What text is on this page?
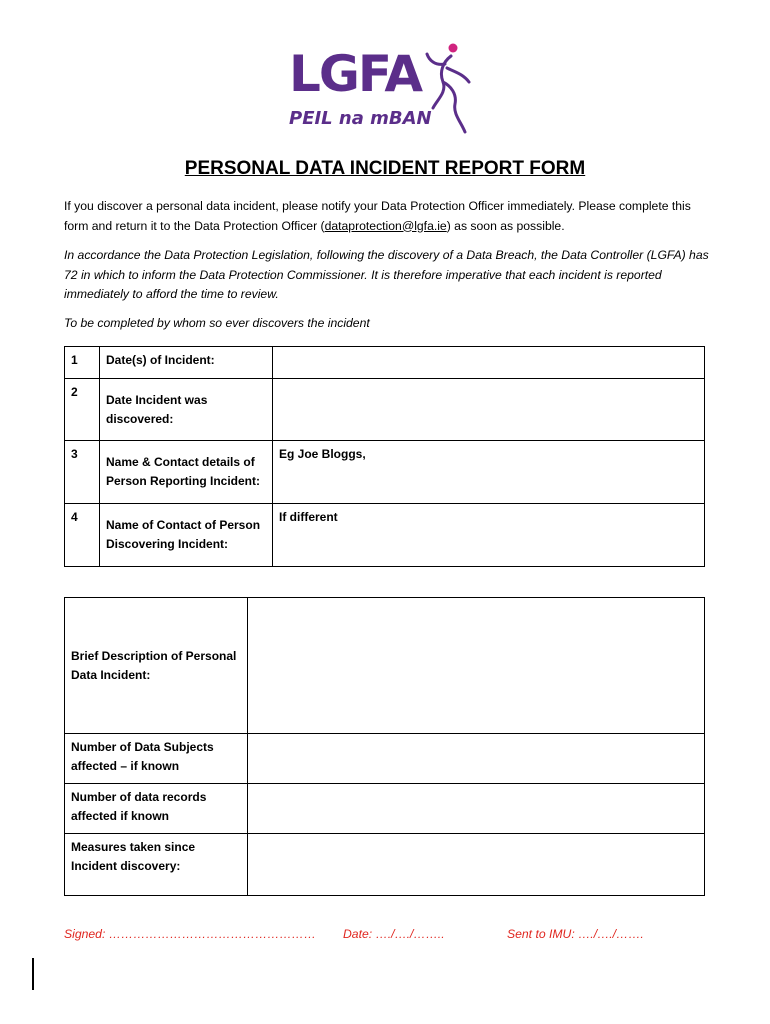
LGFA
PEIL na mBAN
PERSONAL DATA INCIDENT REPORT FORM
If you discover a personal data incident, please notify your Data Protection Officer immediately. Please complete this form and return it to the Data Protection Officer (dataprotection@lgfa.ie) as soon as possible.
In accordance the Data Protection Legislation, following the discovery of a Data Breach, the Data Controller (LGFA) has 72 in which to inform the Data Protection Commissioner. It is therefore imperative that each incident is reported immediately to afford the time to review.
To be completed by whom so ever discovers the incident
1	Date(s) of Incident:	
2	Date Incident was discovered:	
3	Name & Contact details of Person Reporting Incident:	Eg Joe Bloggs,
4	Name of Contact of Person Discovering Incident:	If different
Brief Description of Personal Data Incident:	
Number of Data Subjects affected – if known	
Number of data records affected if known	
Measures taken since Incident discovery:	
Signed: …………………………………………… Date: …./…./……..	Sent to IMU: …./…./…….
